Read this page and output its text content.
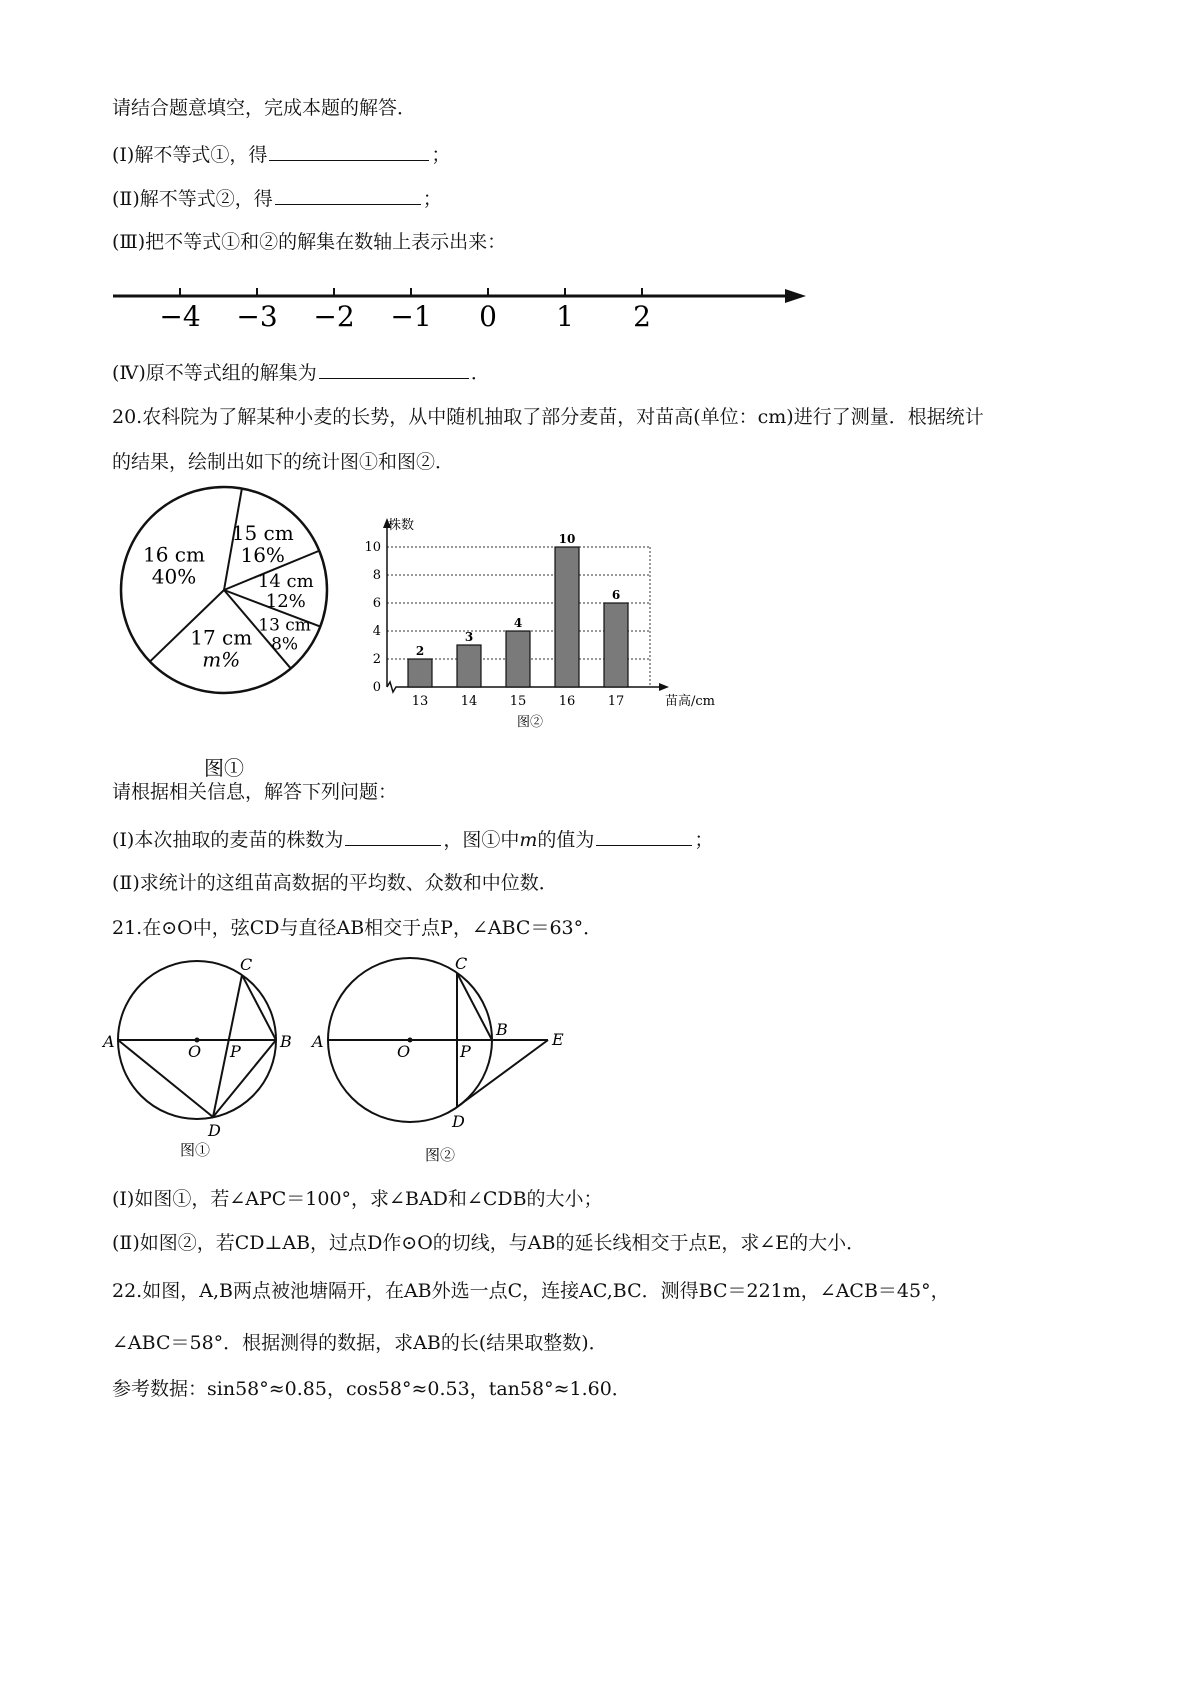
请结合题意填空，完成本题的解答．
(Ⅰ)解不等式①，得	；
(Ⅱ)解不等式②，得	；
(Ⅲ)把不等式①和②的解集在数轴上表示出来：
−4 −3 −2 −1 0 1 2
(Ⅳ)原不等式组的解集为	．
20.农科院为了解某种小麦的长势，从中随机抽取了部分麦苗，对苗高(单位：cm)进行了测量．根据统计
的结果，绘制出如下的统计图①和图②．
15 cm
16%
14 cm
12%
13 cm
8%
17 cm
m%
16 cm
40%
图①
0
2
4
6
8
10
2
13
3
14
4
15
10
16
6
17
株数
苗高/cm
图②
请根据相关信息，解答下列问题：
(Ⅰ)本次抽取的麦苗的株数为	，图①中m的值为	；
(Ⅱ)求统计的这组苗高数据的平均数、众数和中位数．
21.在⊙O中，弦CD与直径AB相交于点P，∠ABC＝63°．
A
O P
B
C
D
图①
A
O	P
B
E
C
D
图②
(Ⅰ)如图①，若∠APC＝100°，求∠BAD和∠CDB的大小；
(Ⅱ)如图②，若CD⊥AB，过点D作⊙O的切线，与AB的延长线相交于点E，求∠E的大小．
22.如图，A,B两点被池塘隔开，在AB外选一点C，连接AC,BC．测得BC＝221m，∠ACB＝45°，
∠ABC＝58°．根据测得的数据，求AB的长(结果取整数)．
参考数据：sin58°≈0.85，cos58°≈0.53，tan58°≈1.60．
